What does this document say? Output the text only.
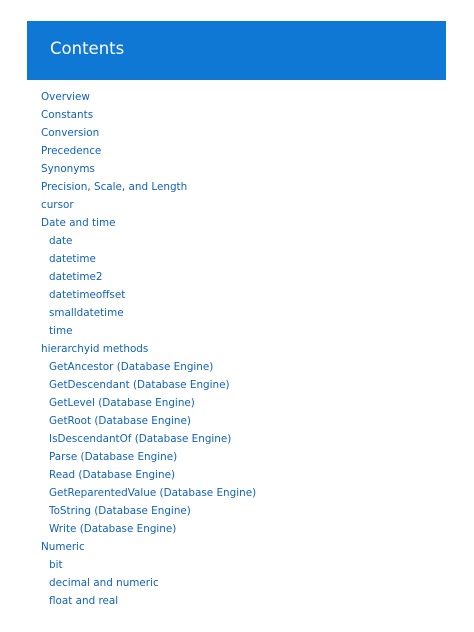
Contents
Overview
Constants
Conversion
Precedence
Synonyms
Precision, Scale, and Length
cursor
Date and time
date
datetime
datetime2
datetimeoffset
smalldatetime
time
hierarchyid methods
GetAncestor (Database Engine)
GetDescendant (Database Engine)
GetLevel (Database Engine)
GetRoot (Database Engine)
IsDescendantOf (Database Engine)
Parse (Database Engine)
Read (Database Engine)
GetReparentedValue (Database Engine)
ToString (Database Engine)
Write (Database Engine)
Numeric
bit
decimal and numeric
float and real
